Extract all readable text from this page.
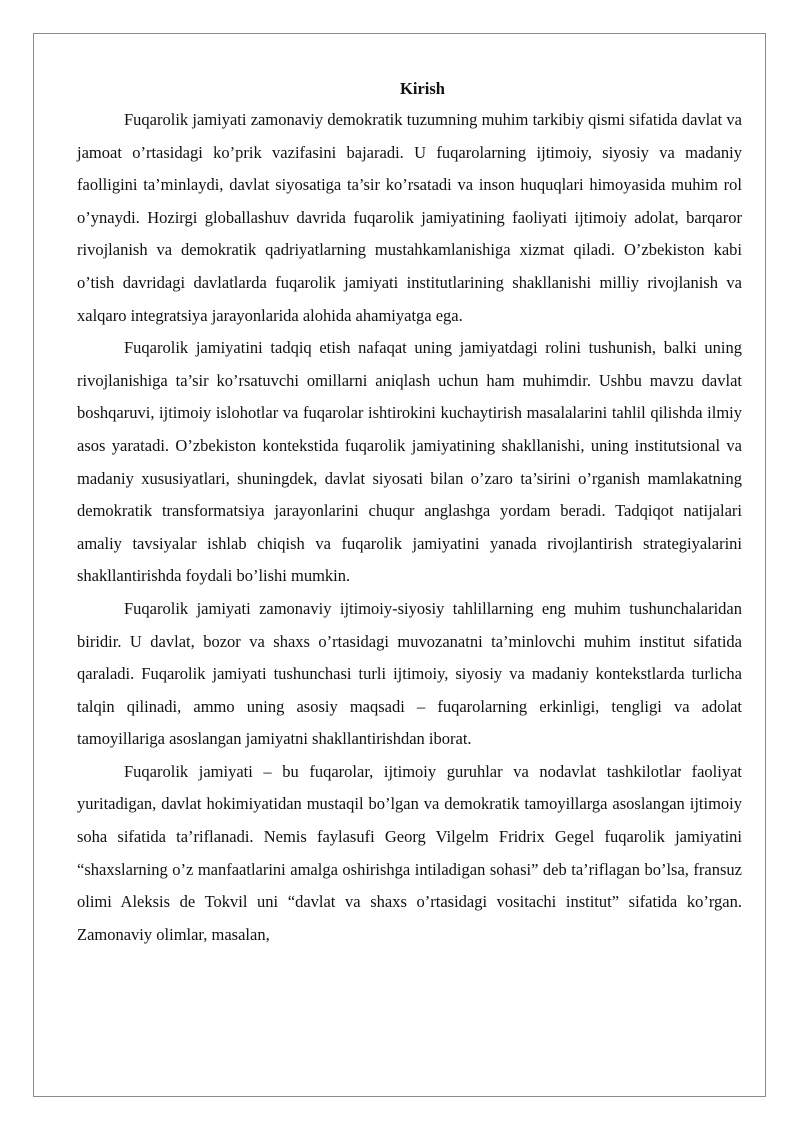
Kirish

Fuqarolik jamiyati zamonaviy demokratik tuzumning muhim tarkibiy qismi sifatida davlat va jamoat o’rtasidagi ko’prik vazifasini bajaradi. U fuqarolarning ijtimoiy, siyosiy va madaniy faolligini ta’minlaydi, davlat siyosatiga ta’sir ko’rsatadi va inson huquqlari himoyasida muhim rol o’ynaydi. Hozirgi globallashuv davrida fuqarolik jamiyatining faoliyati ijtimoiy adolat, barqaror rivojlanish va demokratik qadriyatlarning mustahkamlanishiga xizmat qiladi. O’zbekiston kabi o’tish davridagi davlatlarda fuqarolik jamiyati institutlarining shakllanishi milliy rivojlanish va xalqaro integratsiya jarayonlarida alohida ahamiyatga ega.

Fuqarolik jamiyatini tadqiq etish nafaqat uning jamiyatdagi rolini tushunish, balki uning rivojlanishiga ta’sir ko’rsatuvchi omillarni aniqlash uchun ham muhimdir. Ushbu mavzu davlat boshqaruvi, ijtimoiy islohotlar va fuqarolar ishtirokini kuchaytirish masalalarini tahlil qilishda ilmiy asos yaratadi. O’zbekiston kontekstida fuqarolik jamiyatining shakllanishi, uning institutsional va madaniy xususiyatlari, shuningdek, davlat siyosati bilan o’zaro ta’sirini o’rganish mamlakatning demokratik transformatsiya jarayonlarini chuqur anglashga yordam beradi. Tadqiqot natijalari amaliy tavsiyalar ishlab chiqish va fuqarolik jamiyatini yanada rivojlantirish strategiyalarini shakllantirishda foydali bo’lishi mumkin.

Fuqarolik jamiyati zamonaviy ijtimoiy-siyosiy tahlillarning eng muhim tushunchalaridan biridir. U davlat, bozor va shaxs o’rtasidagi muvozanatni ta’minlovchi muhim institut sifatida qaraladi. Fuqarolik jamiyati tushunchasi turli ijtimoiy, siyosiy va madaniy kontekstlarda turlicha talqin qilinadi, ammo uning asosiy maqsadi – fuqarolarning erkinligi, tengligi va adolat tamoyillariga asoslangan jamiyatni shakllantirishdan iborat.

Fuqarolik jamiyati – bu fuqarolar, ijtimoiy guruhlar va nodavlat tashkilotlar faoliyat yuritadigan, davlat hokimiyatidan mustaqil bo’lgan va demokratik tamoyillarga asoslangan ijtimoiy soha sifatida ta’riflanadi. Nemis faylasufi Georg Vilgelm Fridrix Gegel fuqarolik jamiyatini “shaxslarning o’z manfaatlarini amalga oshirishga intiladigan sohasi” deb ta’riflagan bo’lsa, fransuz olimi Aleksis de Tokvil uni “davlat va shaxs o’rtasidagi vositachi institut” sifatida ko’rgan. Zamonaviy olimlar, masalan,
